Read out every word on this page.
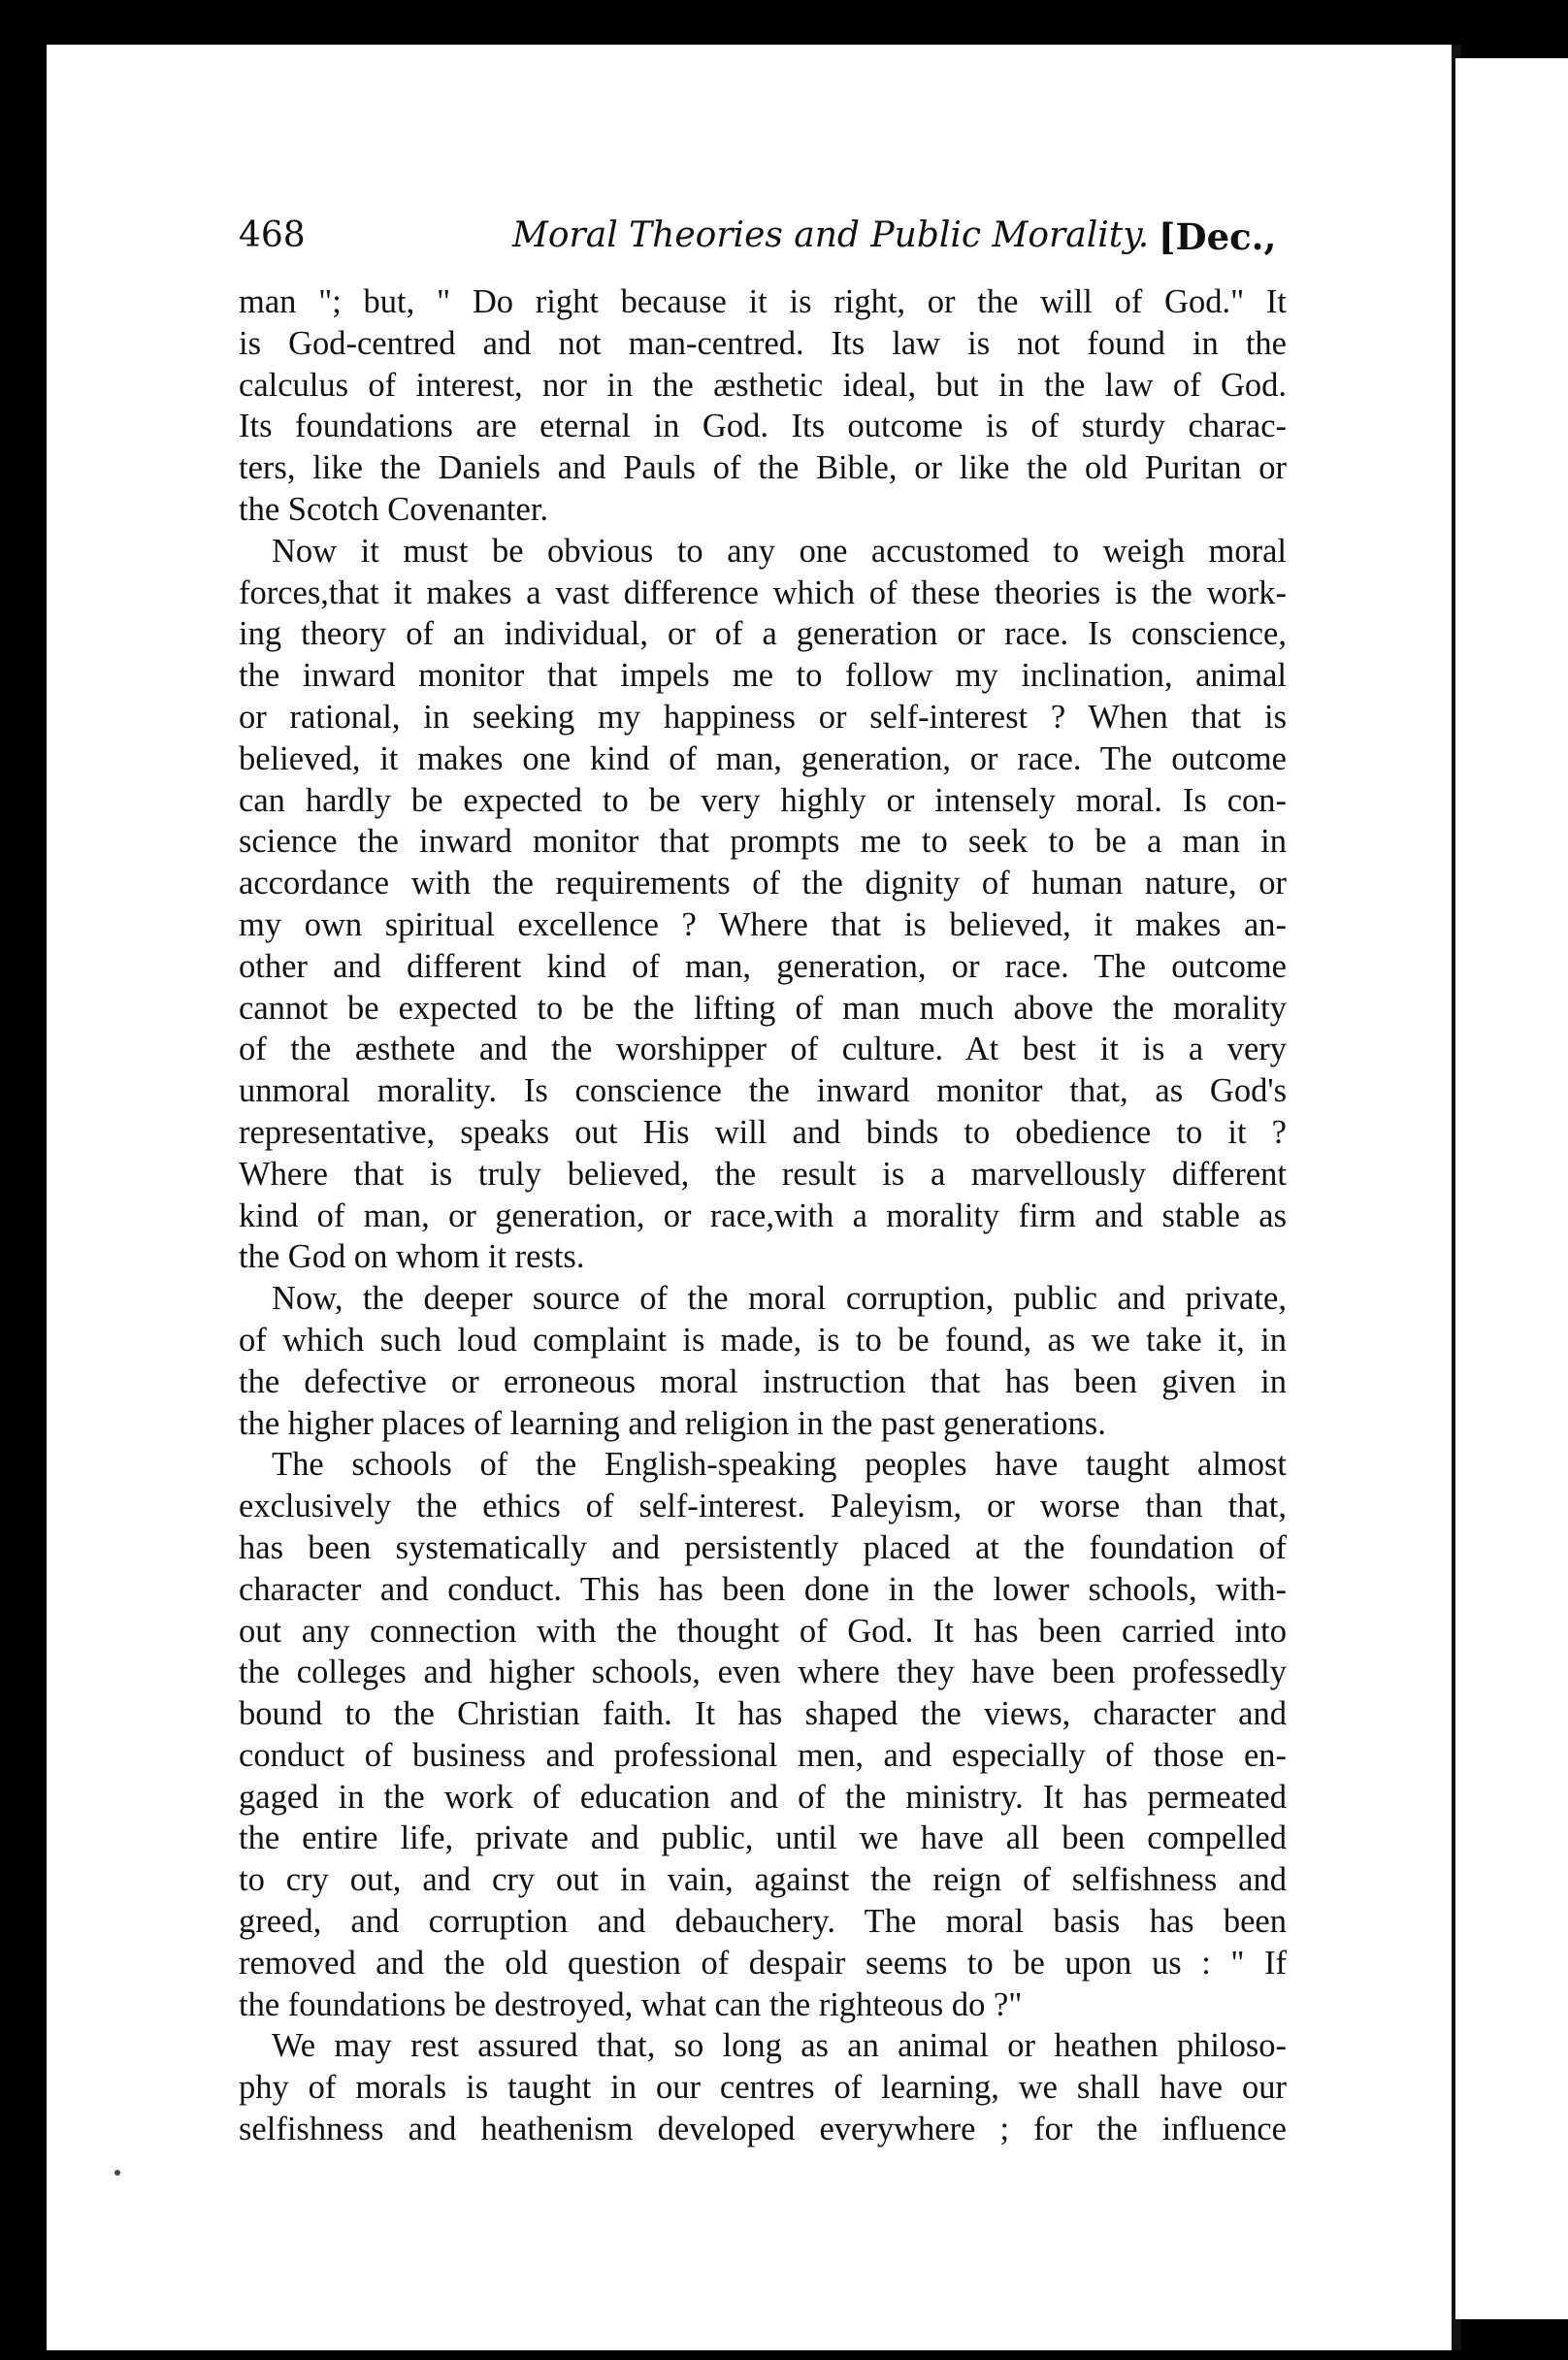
468	Moral Theories and Public Morality. [Dec.,
man "; but, " Do right because it is right, or the will of God." It
is God-centred and not man-centred. Its law is not found in the
calculus of interest, nor in the æsthetic ideal, but in the law of God.
Its foundations are eternal in God. Its outcome is of sturdy charac-
ters, like the Daniels and Pauls of the Bible, or like the old Puritan or
the Scotch Covenanter.
Now it must be obvious to any one accustomed to weigh moral
forces,that it makes a vast difference which of these theories is the work-
ing theory of an individual, or of a generation or race. Is conscience,
the inward monitor that impels me to follow my inclination, animal
or rational, in seeking my happiness or self-interest ? When that is
believed, it makes one kind of man, generation, or race. The outcome
can hardly be expected to be very highly or intensely moral. Is con-
science the inward monitor that prompts me to seek to be a man in
accordance with the requirements of the dignity of human nature, or
my own spiritual excellence ? Where that is believed, it makes an-
other and different kind of man, generation, or race. The outcome
cannot be expected to be the lifting of man much above the morality
of the æsthete and the worshipper of culture. At best it is a very
unmoral morality. Is conscience the inward monitor that, as God's
representative, speaks out His will and binds to obedience to it ?
Where that is truly believed, the result is a marvellously different
kind of man, or generation, or race,with a morality firm and stable as
the God on whom it rests.
Now, the deeper source of the moral corruption, public and private,
of which such loud complaint is made, is to be found, as we take it, in
the defective or erroneous moral instruction that has been given in
the higher places of learning and religion in the past generations.
The schools of the English-speaking peoples have taught almost
exclusively the ethics of self-interest. Paleyism, or worse than that,
has been systematically and persistently placed at the foundation of
character and conduct. This has been done in the lower schools, with-
out any connection with the thought of God. It has been carried into
the colleges and higher schools, even where they have been professedly
bound to the Christian faith. It has shaped the views, character and
conduct of business and professional men, and especially of those en-
gaged in the work of education and of the ministry. It has permeated
the entire life, private and public, until we have all been compelled
to cry out, and cry out in vain, against the reign of selfishness and
greed, and corruption and debauchery. The moral basis has been
removed and the old question of despair seems to be upon us : " If
the foundations be destroyed, what can the righteous do ?"
We may rest assured that, so long as an animal or heathen philoso-
phy of morals is taught in our centres of learning, we shall have our
selfishness and heathenism developed everywhere ; for the influence
